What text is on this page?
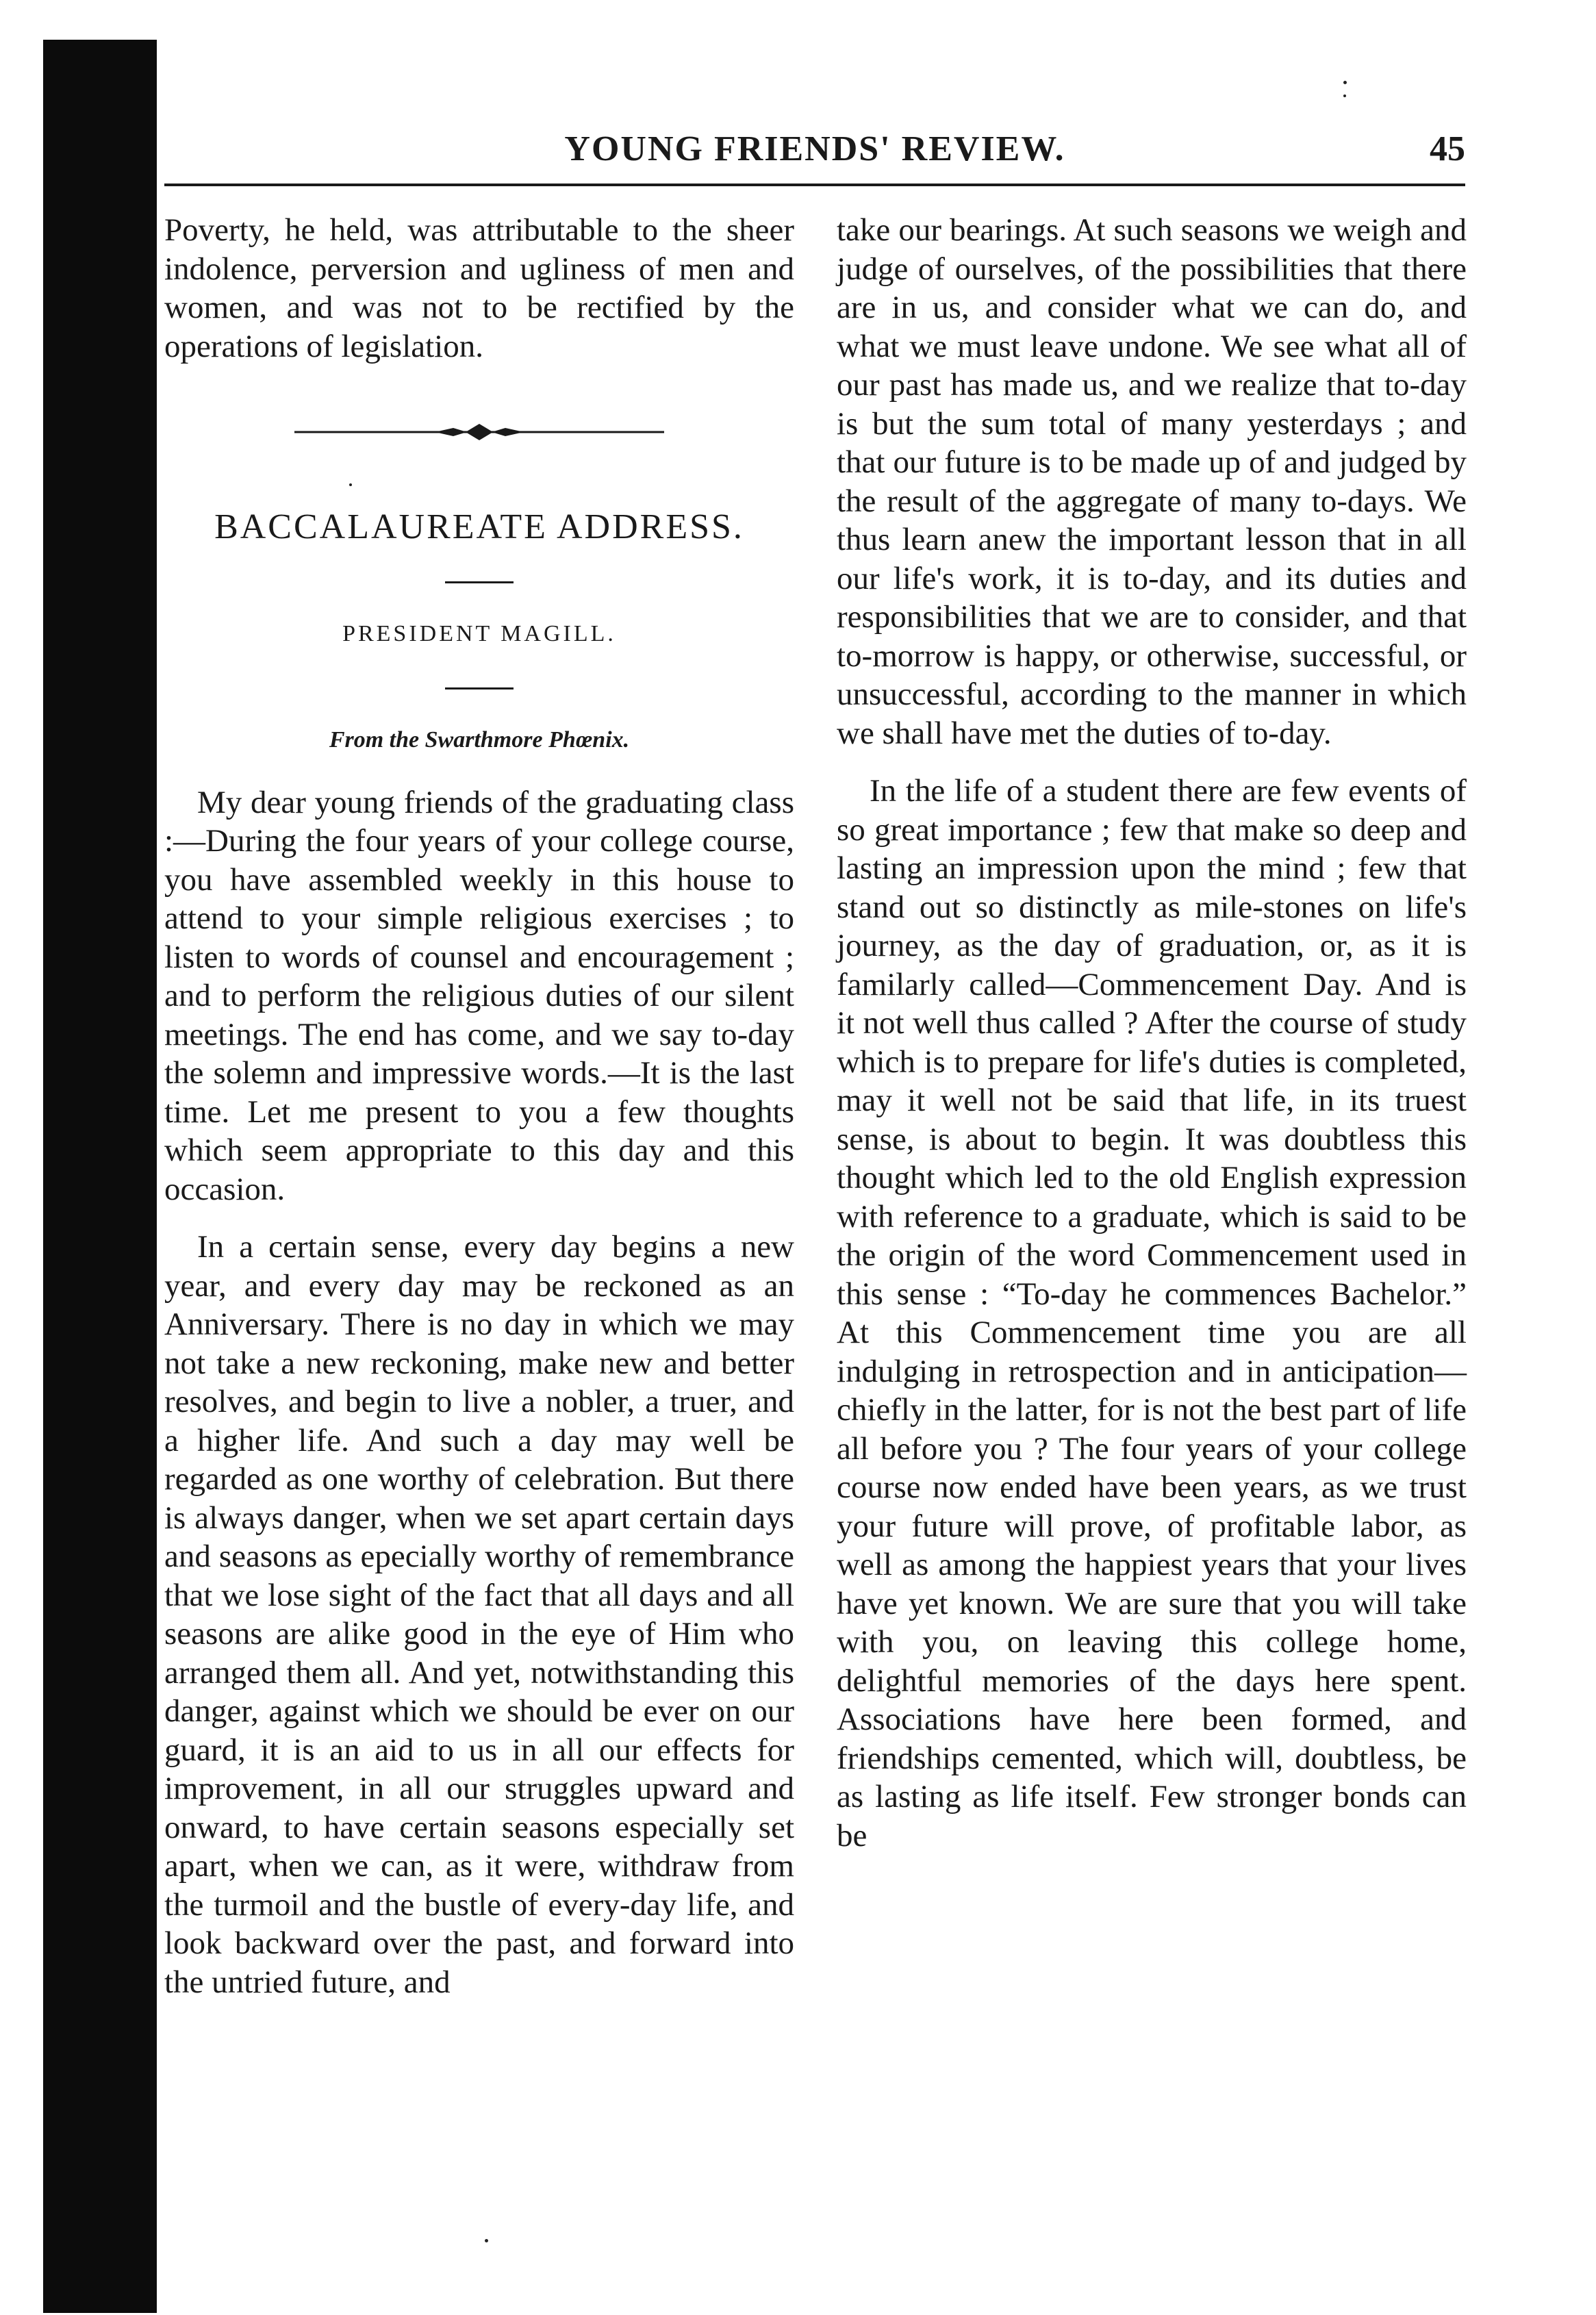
YOUNG FRIENDS' REVIEW.	45

Poverty, he held, was attributable to the sheer indolence, perversion and ugliness of men and women, and was not to be rectified by the operations of legislation.

BACCALAUREATE ADDRESS.
PRESIDENT MAGILL.
From the Swarthmore Phœnix.

My dear young friends of the graduating class :—During the four years of your college course, you have assembled weekly in this house to attend to your simple religious exercises ; to listen to words of counsel and encouragement ; and to perform the religious duties of our silent meetings. The end has come, and we say to-day the solemn and impressive words.—It is the last time. Let me present to you a few thoughts which seem appropriate to this day and this occasion.

In a certain sense, every day begins a new year, and every day may be reckoned as an Anniversary. There is no day in which we may not take a new reckoning, make new and better resolves, and begin to live a nobler, a truer, and a higher life. And such a day may well be regarded as one worthy of celebration. But there is always danger, when we set apart certain days and seasons as epecially worthy of remembrance that we lose sight of the fact that all days and all seasons are alike good in the eye of Him who arranged them all. And yet, notwithstanding this danger, against which we should be ever on our guard, it is an aid to us in all our effects for improvement, in all our struggles upward and onward, to have certain seasons especially set apart, when we can, as it were, withdraw from the turmoil and the bustle of every-day life, and look backward over the past, and forward into the untried future, and

take our bearings. At such seasons we weigh and judge of ourselves, of the possibilities that there are in us, and consider what we can do, and what we must leave undone. We see what all of our past has made us, and we realize that to-day is but the sum total of many yesterdays ; and that our future is to be made up of and judged by the result of the aggregate of many to-days. We thus learn anew the important lesson that in all our life's work, it is to-day, and its duties and responsibilities that we are to consider, and that to-morrow is happy, or otherwise, successful, or unsuccessful, according to the manner in which we shall have met the duties of to-day.

In the life of a student there are few events of so great importance ; few that make so deep and lasting an impression upon the mind ; few that stand out so distinctly as mile-stones on life's journey, as the day of graduation, or, as it is familarly called—Commencement Day. And is it not well thus called ? After the course of study which is to prepare for life's duties is completed, may it well not be said that life, in its truest sense, is about to begin. It was doubtless this thought which led to the old English expression with reference to a graduate, which is said to be the origin of the word Commencement used in this sense : “To-day he commences Bachelor.” At this Commencement time you are all indulging in retrospection and in anticipation—chiefly in the latter, for is not the best part of life all before you ? The four years of your college course now ended have been years, as we trust your future will prove, of profitable labor, as well as among the happiest years that your lives have yet known. We are sure that you will take with you, on leaving this college home, delightful memories of the days here spent. Associations have here been formed, and friendships cemented, which will, doubtless, be as lasting as life itself. Few stronger bonds can be
